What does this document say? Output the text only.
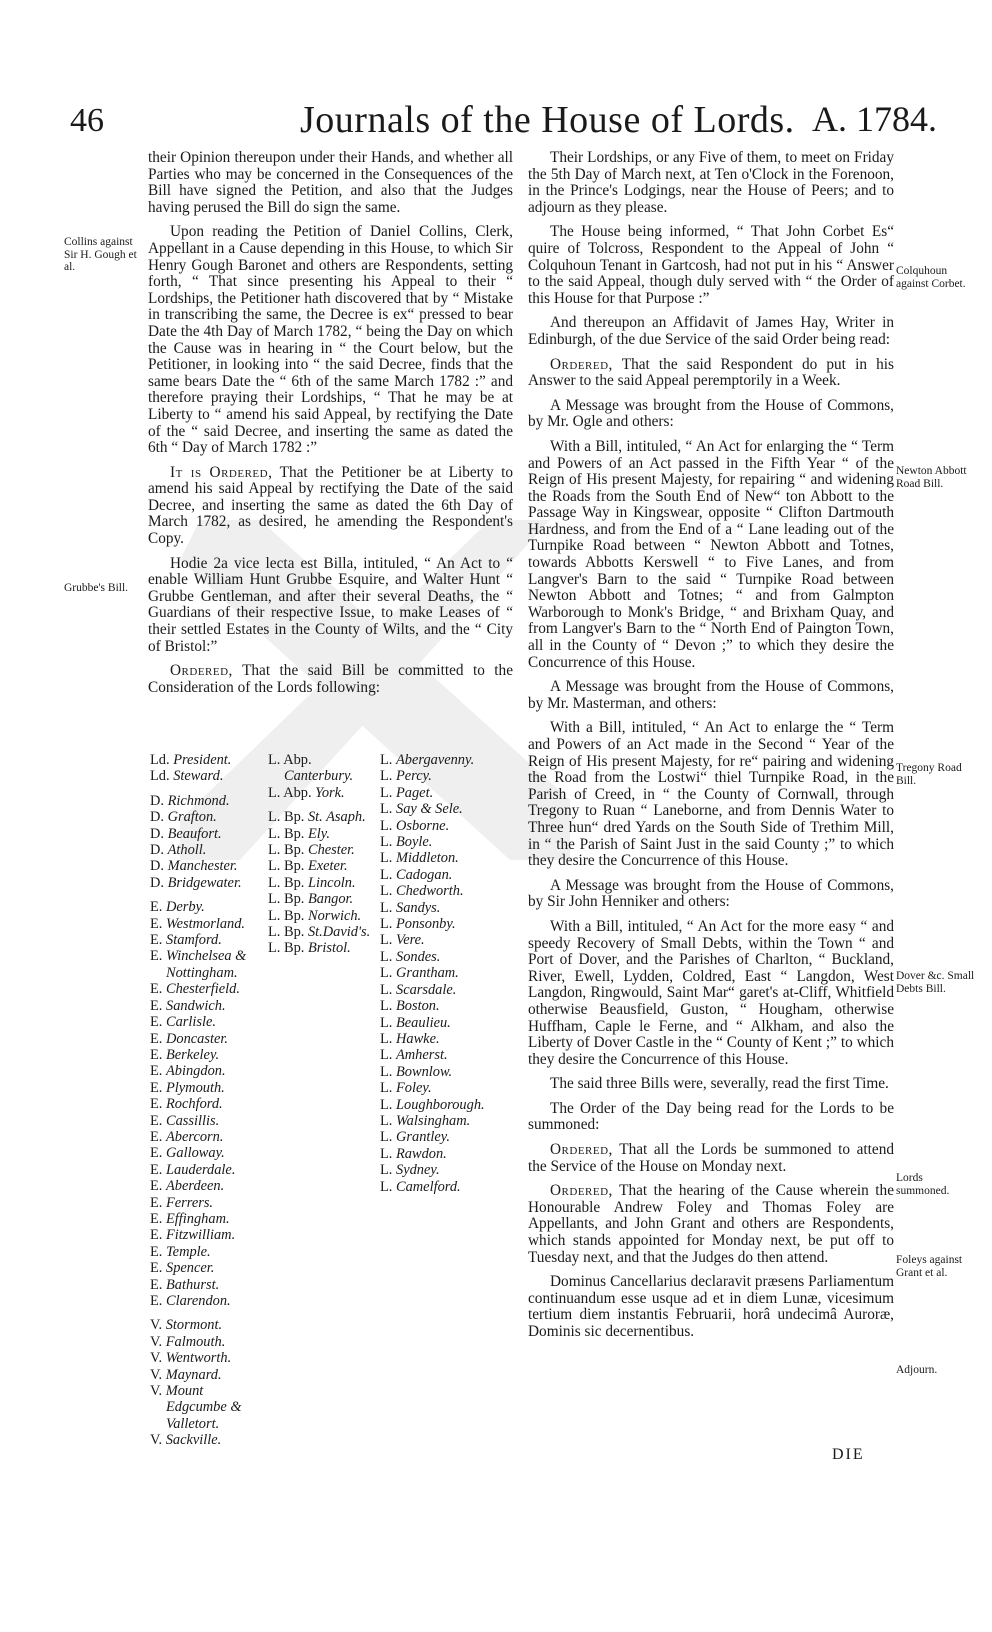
46	Journals of the House of Lords. A. 1784.
Collins against Sir H. Gough et al.
Grubbe's Bill.
Colquhoun against Corbet.
Newton Abbott Road Bill.
Tregony Road Bill.
Dover &c. Small Debts Bill.
Lords summoned.
Foleys against Grant et al.
Adjourn.

their Opinion thereupon under their Hands, and whether all Parties who may be concerned in the Consequences of the Bill have signed the Petition, and also that the Judges having perused the Bill do sign the same.

Upon reading the Petition of Daniel Collins, Clerk, Appellant in a Cause depending in this House, to which Sir Henry Gough Baronet and others are Respondents, setting forth, “ That since presenting his Appeal to their “ Lordships, the Petitioner hath discovered that by “ Mistake in transcribing the same, the Decree is ex“ pressed to bear Date the 4th Day of March 1782, “ being the Day on which the Cause was in hearing in “ the Court below, but the Petitioner, in looking into “ the said Decree, finds that the same bears Date the “ 6th of the same March 1782 :” and therefore praying their Lordships, “ That he may be at Liberty to “ amend his said Appeal, by rectifying the Date of the “ said Decree, and inserting the same as dated the 6th “ Day of March 1782 :”

It is Ordered, That the Petitioner be at Liberty to amend his said Appeal by rectifying the Date of the said Decree, and inserting the same as dated the 6th Day of March 1782, as desired, he amending the Respondent's Copy.

Hodie 2a vice lecta est Billa, intituled, “ An Act to “ enable William Hunt Grubbe Esquire, and Walter Hunt “ Grubbe Gentleman, and after their several Deaths, the “ Guardians of their respective Issue, to make Leases of “ their settled Estates in the County of Wilts, and the “ City of Bristol:”

Ordered, That the said Bill be committed to the Consideration of the Lords following:

Ld. President.
Ld. Steward.
D. Richmond.
D. Grafton.
D. Beaufort.
D. Atholl.
D. Manchester.
D. Bridgewater.
E. Derby.
E. Westmorland.
E. Stamford.
E. Winchelsea & Nottingham.
E. Chesterfield.
E. Sandwich.
E. Carlisle.
E. Doncaster.
E. Berkeley.
E. Abingdon.
E. Plymouth.
E. Rochford.
E. Cassillis.
E. Abercorn.
E. Galloway.
E. Lauderdale.
E. Aberdeen.
E. Ferrers.
E. Effingham.
E. Fitzwilliam.
E. Temple.
E. Spencer.
E. Bathurst.
E. Clarendon.
V. Stormont.
V. Falmouth.
V. Wentworth.
V. Maynard.
V. Mount Edgcumbe & Valletort.
V. Sackville.
L. Abp. Canterbury.
L. Abp. York.
L. Bp. St. Asaph.
L. Bp. Ely.
L. Bp. Chester.
L. Bp. Exeter.
L. Bp. Lincoln.
L. Bp. Bangor.
L. Bp. Norwich.
L. Bp. St.David's.
L. Bp. Bristol.
L. Abergavenny.
L. Percy.
L. Paget.
L. Say & Sele.
L. Osborne.
L. Boyle.
L. Middleton.
L. Cadogan.
L. Chedworth.
L. Sandys.
L. Ponsonby.
L. Vere.
L. Sondes.
L. Grantham.
L. Scarsdale.
L. Boston.
L. Beaulieu.
L. Hawke.
L. Amherst.
L. Bownlow.
L. Foley.
L. Loughborough.
L. Walsingham.
L. Grantley.
L. Rawdon.
L. Sydney.
L. Camelford.

Their Lordships, or any Five of them, to meet on Friday the 5th Day of March next, at Ten o'Clock in the Forenoon, in the Prince's Lodgings, near the House of Peers; and to adjourn as they please.

The House being informed, “ That John Corbet Es“ quire of Tolcross, Respondent to the Appeal of John “ Colquhoun Tenant in Gartcosh, had not put in his “ Answer to the said Appeal, though duly served with “ the Order of this House for that Purpose :”

And thereupon an Affidavit of James Hay, Writer in Edinburgh, of the due Service of the said Order being read:

Ordered, That the said Respondent do put in his Answer to the said Appeal peremptorily in a Week.

A Message was brought from the House of Commons, by Mr. Ogle and others:

With a Bill, intituled, “ An Act for enlarging the “ Term and Powers of an Act passed in the Fifth Year “ of the Reign of His present Majesty, for repairing “ and widening the Roads from the South End of New“ ton Abbott to the Passage Way in Kingswear, opposite “ Clifton Dartmouth Hardness, and from the End of a “ Lane leading out of the Turnpike Road between “ Newton Abbott and Totnes, towards Abbotts Kerswell “ to Five Lanes, and from Langver's Barn to the said “ Turnpike Road between Newton Abbott and Totnes; “ and from Galmpton Warborough to Monk's Bridge, “ and Brixham Quay, and from Langver's Barn to the “ North End of Paington Town, all in the County of “ Devon ;” to which they desire the Concurrence of this House.

A Message was brought from the House of Commons, by Mr. Masterman, and others:

With a Bill, intituled, “ An Act to enlarge the “ Term and Powers of an Act made in the Second “ Year of the Reign of His present Majesty, for re“ pairing and widening the Road from the Lostwi“ thiel Turnpike Road, in the Parish of Creed, in “ the County of Cornwall, through Tregony to Ruan “ Laneborne, and from Dennis Water to Three hun“ dred Yards on the South Side of Trethim Mill, in “ the Parish of Saint Just in the said County ;” to which they desire the Concurrence of this House.

A Message was brought from the House of Commons, by Sir John Henniker and others:

With a Bill, intituled, “ An Act for the more easy “ and speedy Recovery of Small Debts, within the Town “ and Port of Dover, and the Parishes of Charlton, “ Buckland, River, Ewell, Lydden, Coldred, East “ Langdon, West Langdon, Ringwould, Saint Mar“ garet's at-Cliff, Whitfield otherwise Beausfield, Guston, “ Hougham, otherwise Huffham, Caple le Ferne, and “ Alkham, and also the Liberty of Dover Castle in the “ County of Kent ;” to which they desire the Concurrence of this House.

The said three Bills were, severally, read the first Time.

The Order of the Day being read for the Lords to be summoned:

Ordered, That all the Lords be summoned to attend the Service of the House on Monday next.

Ordered, That the hearing of the Cause wherein the Honourable Andrew Foley and Thomas Foley are Appellants, and John Grant and others are Respondents, which stands appointed for Monday next, be put off to Tuesday next, and that the Judges do then attend.

Dominus Cancellarius declaravit præsens Parliamentum continuandum esse usque ad et in diem Lunæ, vicesimum tertium diem instantis Februarii, horâ undecimâ Auroræ, Dominis sic decernentibus.

DIE
